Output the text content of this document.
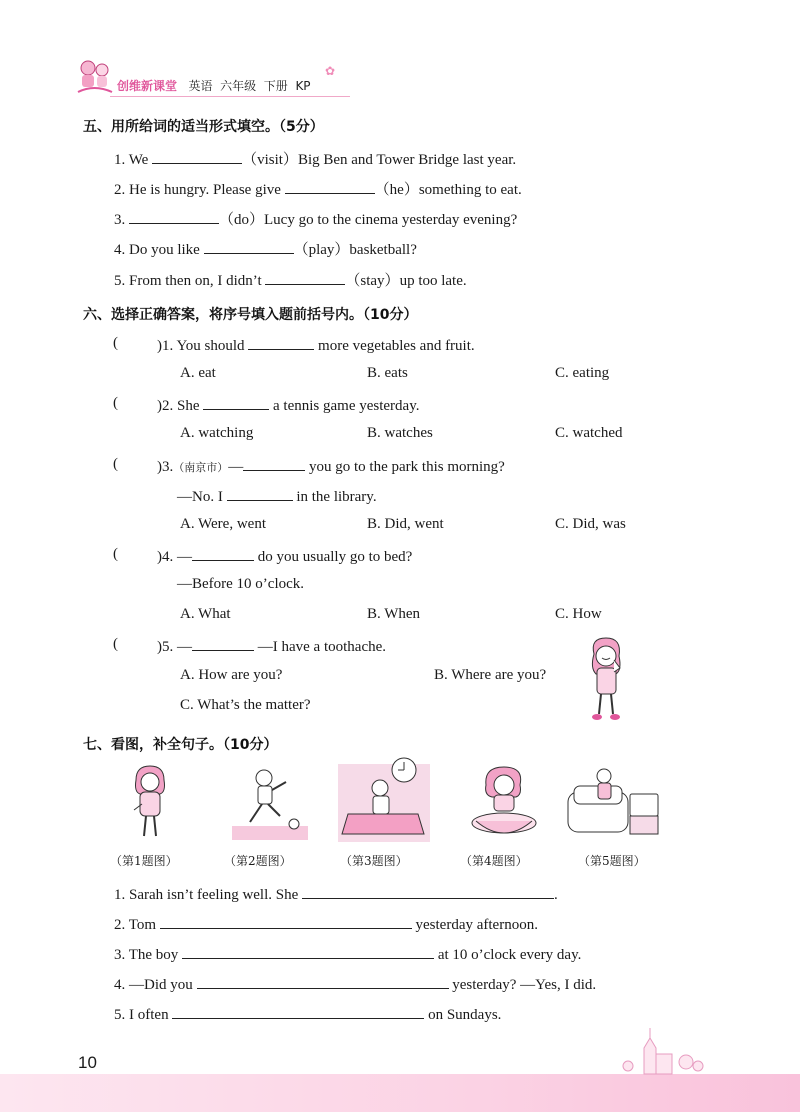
创维新课堂 英语 六年级 下册 KP
✿
五、用所给词的适当形式填空。（5分）
1. We	（visit）Big Ben and Tower Bridge last year.
2. He is hungry. Please give	（he）something to eat.
3.	（do）Lucy go to the cinema yesterday evening?
4. Do you like	（play）basketball?
5. From then on, I didn’t	（stay）up too late.
六、选择正确答案，将序号填入题前括号内。（10分）
(	)1. You should	more vegetables and fruit.
A. eat	B. eats	C. eating
(	)2. She	a tennis game yesterday.
A. watching	B. watches	C. watched
(	)3.（南京市）—	you go to the park this morning?
—No. I	in the library.
A. Were, went	B. Did, went	C. Did, was
(	)4. —	do you usually go to bed?
—Before 10 o’clock.
A. What	B. When	C. How
(	)5. —	—I have a toothache.
A. How are you?	B. Where are you?
C. What’s the matter?
七、看图，补全句子。（10分）
（第1题图）	（第2题图）	（第3题图）	（第4题图）	（第5题图）
1. Sarah isn’t feeling well. She	.
2. Tom	yesterday afternoon.
3. The boy	at 10 o’clock every day.
4. —Did you	yesterday? —Yes, I did.
5. I often	on Sundays.
10
